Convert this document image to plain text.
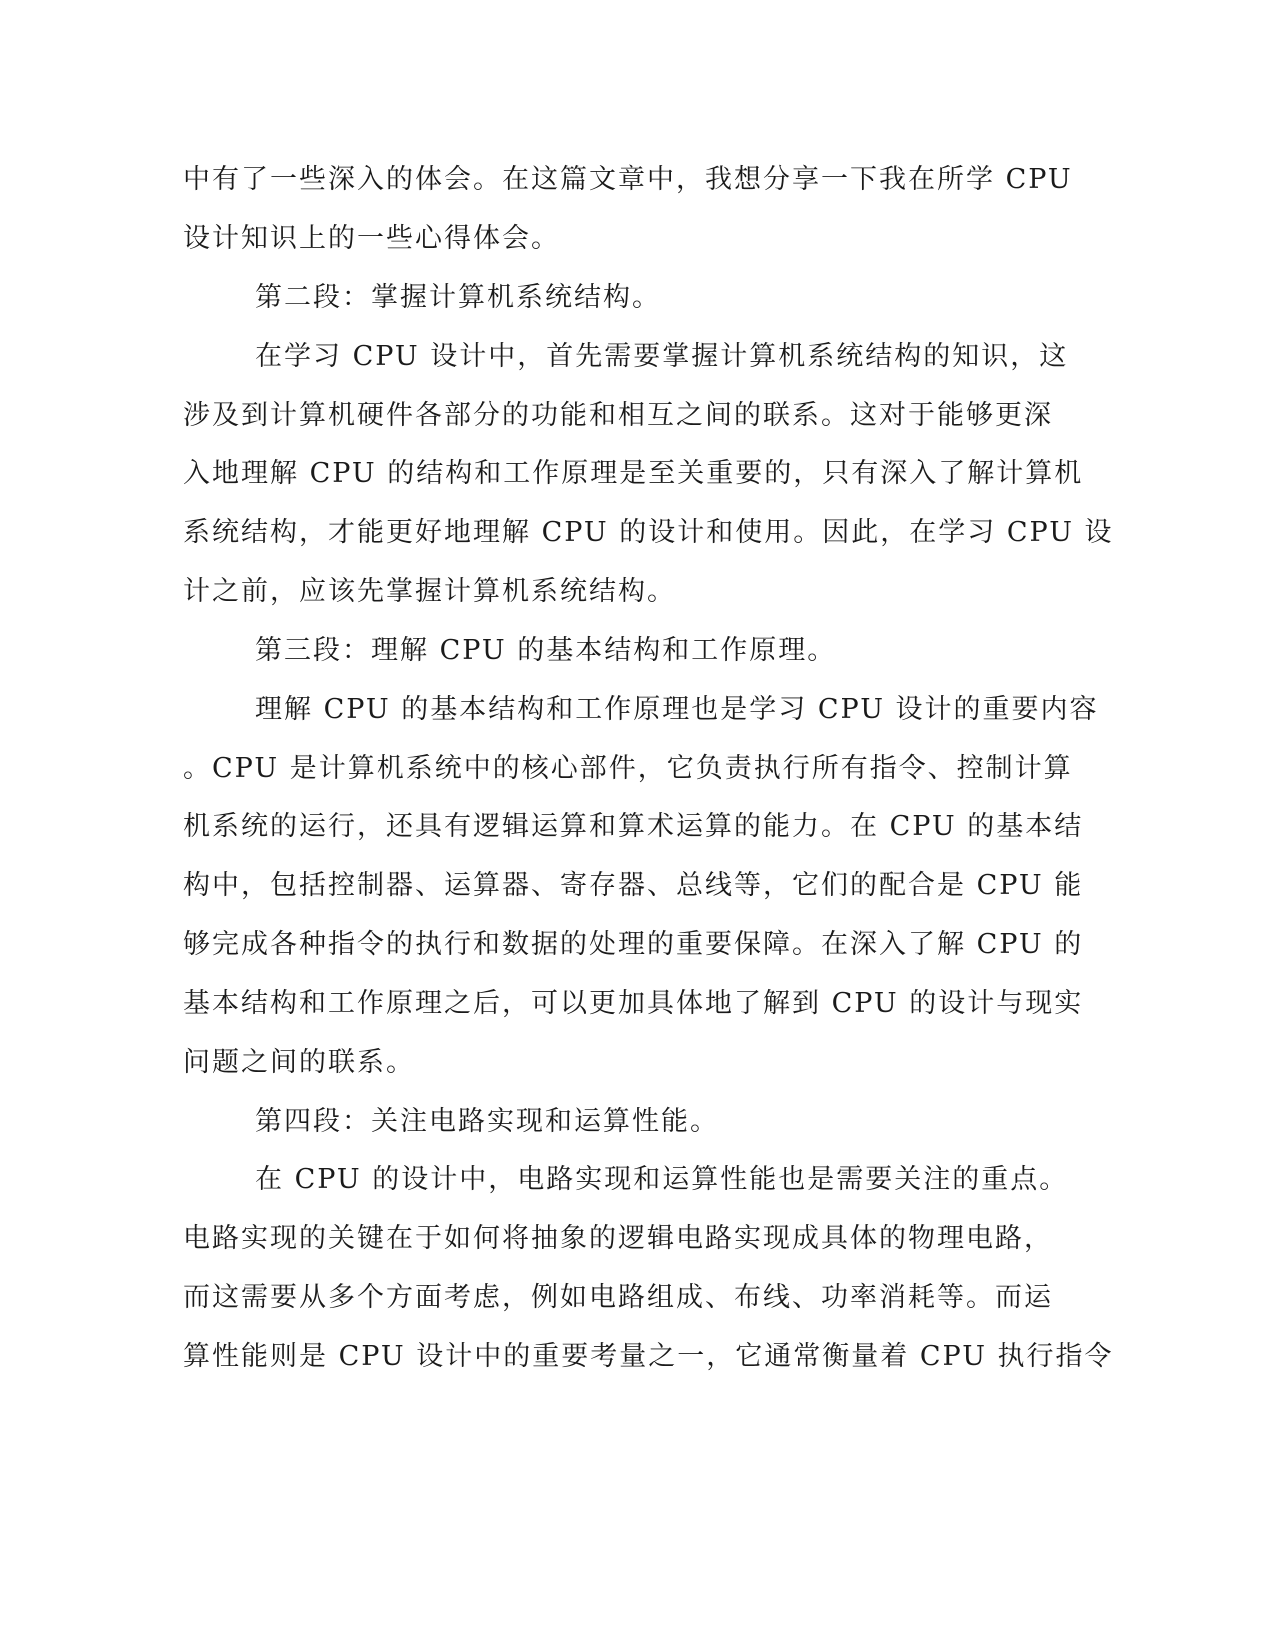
中有了一些深入的体会。在这篇文章中，我想分享一下我在所学 CPU
设计知识上的一些心得体会。
第二段：掌握计算机系统结构。
在学习 CPU 设计中，首先需要掌握计算机系统结构的知识，这
涉及到计算机硬件各部分的功能和相互之间的联系。这对于能够更深
入地理解 CPU 的结构和工作原理是至关重要的，只有深入了解计算机
系统结构，才能更好地理解 CPU 的设计和使用。因此，在学习 CPU 设
计之前，应该先掌握计算机系统结构。
第三段：理解 CPU 的基本结构和工作原理。
理解 CPU 的基本结构和工作原理也是学习 CPU 设计的重要内容
。CPU 是计算机系统中的核心部件，它负责执行所有指令、控制计算
机系统的运行，还具有逻辑运算和算术运算的能力。在 CPU 的基本结
构中，包括控制器、运算器、寄存器、总线等，它们的配合是 CPU 能
够完成各种指令的执行和数据的处理的重要保障。在深入了解 CPU 的
基本结构和工作原理之后，可以更加具体地了解到 CPU 的设计与现实
问题之间的联系。
第四段：关注电路实现和运算性能。
在 CPU 的设计中，电路实现和运算性能也是需要关注的重点。
电路实现的关键在于如何将抽象的逻辑电路实现成具体的物理电路，
而这需要从多个方面考虑，例如电路组成、布线、功率消耗等。而运
算性能则是 CPU 设计中的重要考量之一，它通常衡量着 CPU 执行指令
